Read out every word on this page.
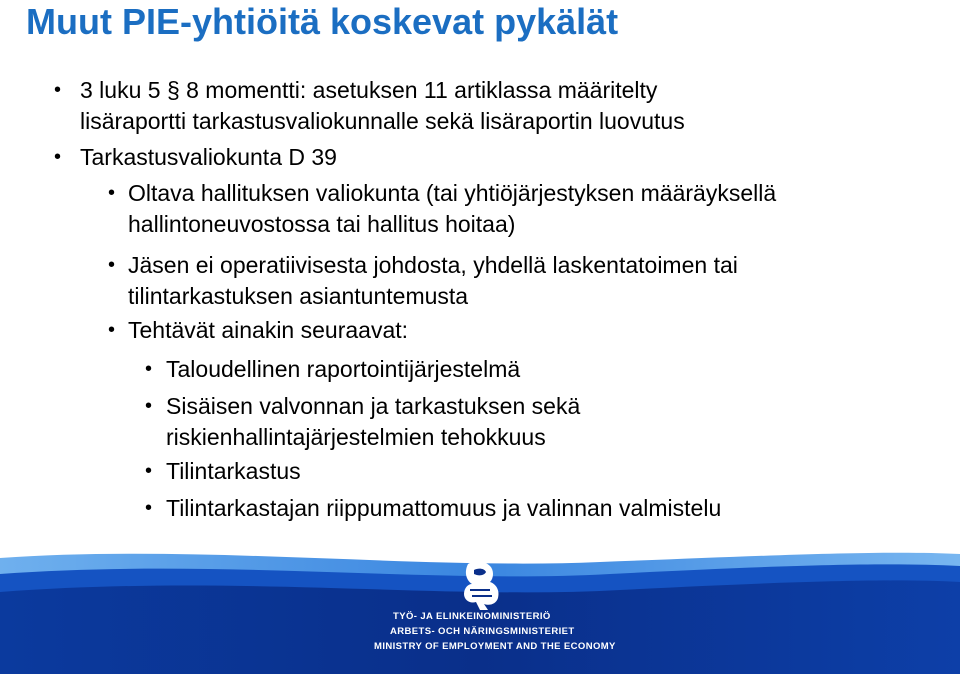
Muut PIE-yhtiöitä koskevat pykälät
• 3 luku 5 § 8 momentti: asetuksen 11 artiklassa määritelty
lisäraportti tarkastusvaliokunnalle sekä lisäraportin luovutus
• Tarkastusvaliokunta D 39
• Oltava hallituksen valiokunta (tai yhtiöjärjestyksen määräyksellä
hallintoneuvostossa tai hallitus hoitaa)
• Jäsen ei operatiivisesta johdosta, yhdellä laskentatoimen tai
tilintarkastuksen asiantuntemusta
• Tehtävät ainakin seuraavat:
• Taloudellinen raportointijärjestelmä
• Sisäisen valvonnan ja tarkastuksen sekä
riskienhallintajärjestelmien tehokkuus
• Tilintarkastus
• Tilintarkastajan riippumattomuus ja valinnan valmistelu
TYÖ- JA ELINKEINOMINISTERIÖ
ARBETS- OCH NÄRINGSMINISTERIET
MINISTRY OF EMPLOYMENT AND THE ECONOMY
